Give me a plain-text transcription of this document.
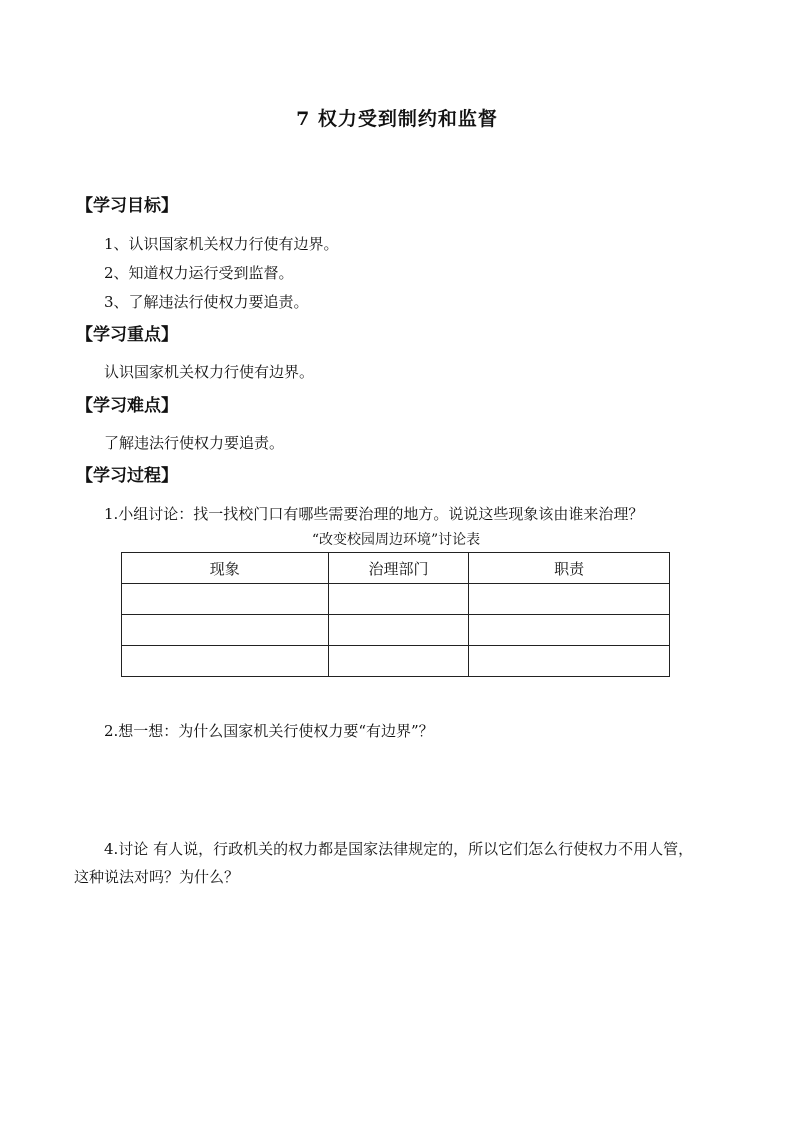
7 权力受到制约和监督
【学习目标】
1、认识国家机关权力行使有边界。
2、知道权力运行受到监督。
3、了解违法行使权力要追责。
【学习重点】
认识国家机关权力行使有边界。
【学习难点】
了解违法行使权力要追责。
【学习过程】
1.小组讨论：找一找校门口有哪些需要治理的地方。说说这些现象该由谁来治理？
“改变校园周边环境”讨论表
现象	治理部门	职责

2.想一想：为什么国家机关行使权力要“有边界”？
4.讨论 有人说，行政机关的权力都是国家法律规定的，所以它们怎么行使权力不用人管，
这种说法对吗？为什么？
